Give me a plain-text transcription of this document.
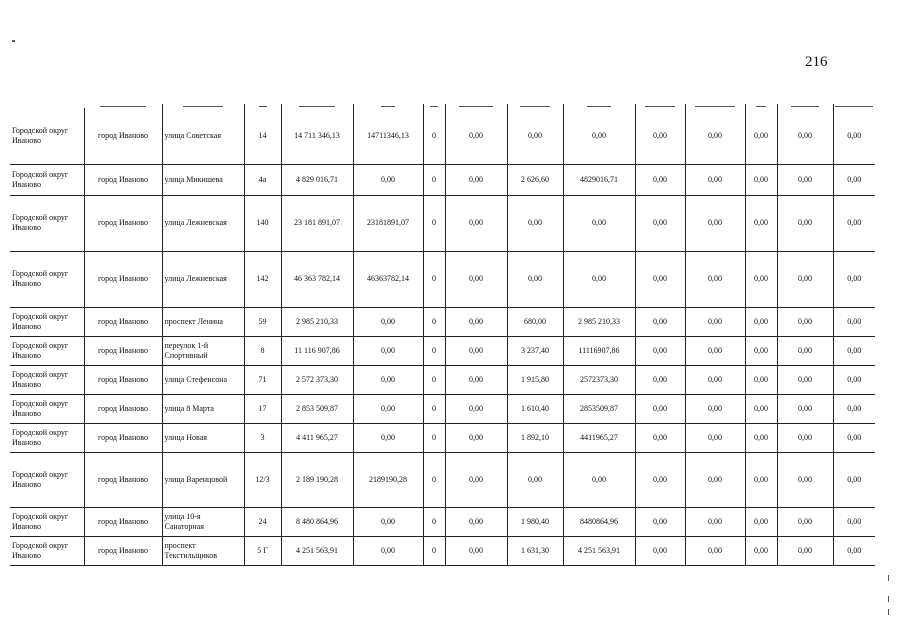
216

Городской округ Иваново	город Иваново	улица Советская	14	14 711 346,13	14711346,13	0	0,00	0,00	0,00	0,00	0,00	0,00	0,00	0,00
Городской округ Иваново	город Иваново	улица Микишева	4а	4 829 016,71	0,00	0	0,00	2 626,60	4829016,71	0,00	0,00	0,00	0,00	0,00
Городской округ Иваново	город Иваново	улица Лежневская	140	23 181 891,07	23181891,07	0	0,00	0,00	0,00	0,00	0,00	0,00	0,00	0,00
Городской округ Иваново	город Иваново	улица Лежневская	142	46 363 782,14	46363782,14	0	0,00	0,00	0,00	0,00	0,00	0,00	0,00	0,00
Городской округ Иваново	город Иваново	проспект Ленина	59	2 985 210,33	0,00	0	0,00	680,00	2 985 210,33	0,00	0,00	0,00	0,00	0,00
Городской округ Иваново	город Иваново	переулок 1-й Спортивный	8	11 116 907,86	0,00	0	0,00	3 237,40	11116907,86	0,00	0,00	0,00	0,00	0,00
Городской округ Иваново	город Иваново	улица Стефенсона	71	2 572 373,30	0,00	0	0,00	1 915,80	2572373,30	0,00	0,00	0,00	0,00	0,00
Городской округ Иваново	город Иваново	улица 8 Марта	17	2 853 509,87	0,00	0	0,00	1 610,40	2853509,87	0,00	0,00	0,00	0,00	0,00
Городской округ Иваново	город Иваново	улица Новая	3	4 411 965,27	0,00	0	0,00	1 892,10	4411965,27	0,00	0,00	0,00	0,00	0,00
Городской округ Иваново	город Иваново	улица Варенцовой	12/3	2 189 190,28	2189190,28	0	0,00	0,00	0,00	0,00	0,00	0,00	0,00	0,00
Городской округ Иваново	город Иваново	улица 10-я Санаторная	24	8 480 864,96	0,00	0	0,00	1 980,40	8480864,96	0,00	0,00	0,00	0,00	0,00
Городской округ Иваново	город Иваново	проспект Текстильщиков	5 Г	4 251 563,91	0,00	0	0,00	1 631,30	4 251 563,91	0,00	0,00	0,00	0,00	0,00
